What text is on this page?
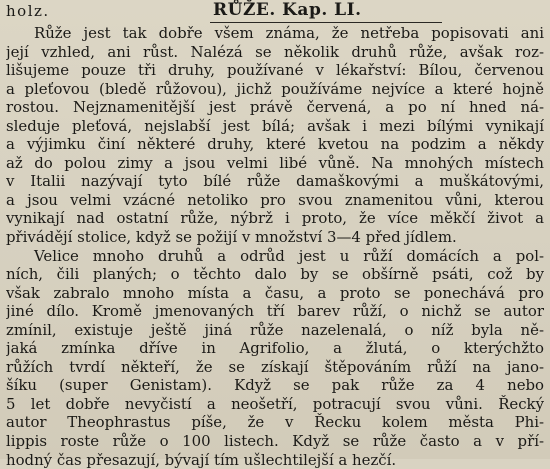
holz.	RŮŽE. Kap. LI.
Růže jest tak dobře všem známa, že netřeba popisovati ani
její vzhled, ani růst. Nalézá se několik druhů růže, avšak roz-
lišujeme pouze tři druhy, používané v lékařství: Bílou, červenou
a pleťovou (bledě růžovou), jichž používáme nejvíce a které hojně
rostou. Nejznamenitější jest právě červená, a po ní hned ná-
sleduje pleťová, nejslabší jest bílá; avšak i mezi bílými vynikají
a výjimku činí některé druhy, které kvetou na podzim a někdy
až do polou zimy a jsou velmi libé vůně. Na mnohých místech
v Italii nazývají tyto bílé růže damaškovými a muškátovými,
a jsou velmi vzácné netoliko pro svou znamenitou vůni, kterou
vynikají nad ostatní růže, nýbrž i proto, že více měkčí život a
přivádějí stolice, když se požijí v množství 3—4 před jídlem.
Velice mnoho druhů a odrůd jest u růží domácích a pol-
ních, čili planých; o těchto dalo by se obšírně psáti, což by
však zabralo mnoho místa a času, a proto se ponechává pro
jiné dílo. Kromě jmenovaných tří barev růží, o nichž se autor
zmínil, existuje ještě jiná růže nazelenalá, o níž byla ně-
jaká zmínka dříve in Agrifolio, a žlutá, o kterýchžto
růžích tvrdí někteří, že se získají štěpováním růží na jano-
šíku (super Genistam). Když se pak růže za 4 nebo
5 let dobře nevyčistí a neošetří, potracují svou vůni. Řecký
autor Theophrastus píše, že v Řecku kolem města Phi-
lippis roste růže o 100 listech. Když se růže často a v pří-
hodný čas přesazují, bývají tím ušlechtilejší a hezčí.
